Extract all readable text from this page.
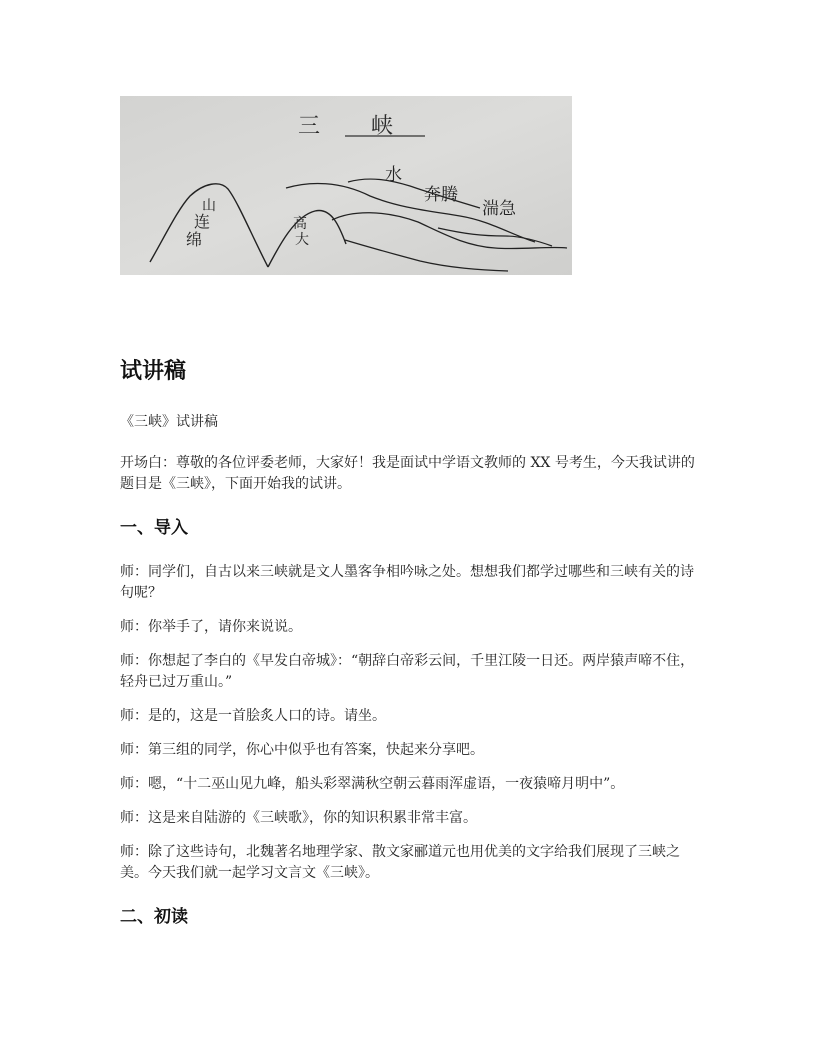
三 峡
水
奔腾
湍急
山
连
绵
高
大
试讲稿

《三峡》试讲稿

开场白：尊敬的各位评委老师，大家好！我是面试中学语文教师的 XX 号考生，今天我试讲的题目是《三峡》，下面开始我的试讲。

一、导入

师：同学们，自古以来三峡就是文人墨客争相吟咏之处。想想我们都学过哪些和三峡有关的诗句呢？

师：你举手了，请你来说说。

师：你想起了李白的《早发白帝城》：“朝辞白帝彩云间，千里江陵一日还。两岸猿声啼不住，轻舟已过万重山。”

师：是的，这是一首脍炙人口的诗。请坐。

师：第三组的同学，你心中似乎也有答案，快起来分享吧。

师：嗯，“十二巫山见九峰，船头彩翠满秋空朝云暮雨浑虚语，一夜猿啼月明中”。

师：这是来自陆游的《三峡歌》，你的知识积累非常丰富。

师：除了这些诗句，北魏著名地理学家、散文家郦道元也用优美的文字给我们展现了三峡之美。今天我们就一起学习文言文《三峡》。

二、初读
